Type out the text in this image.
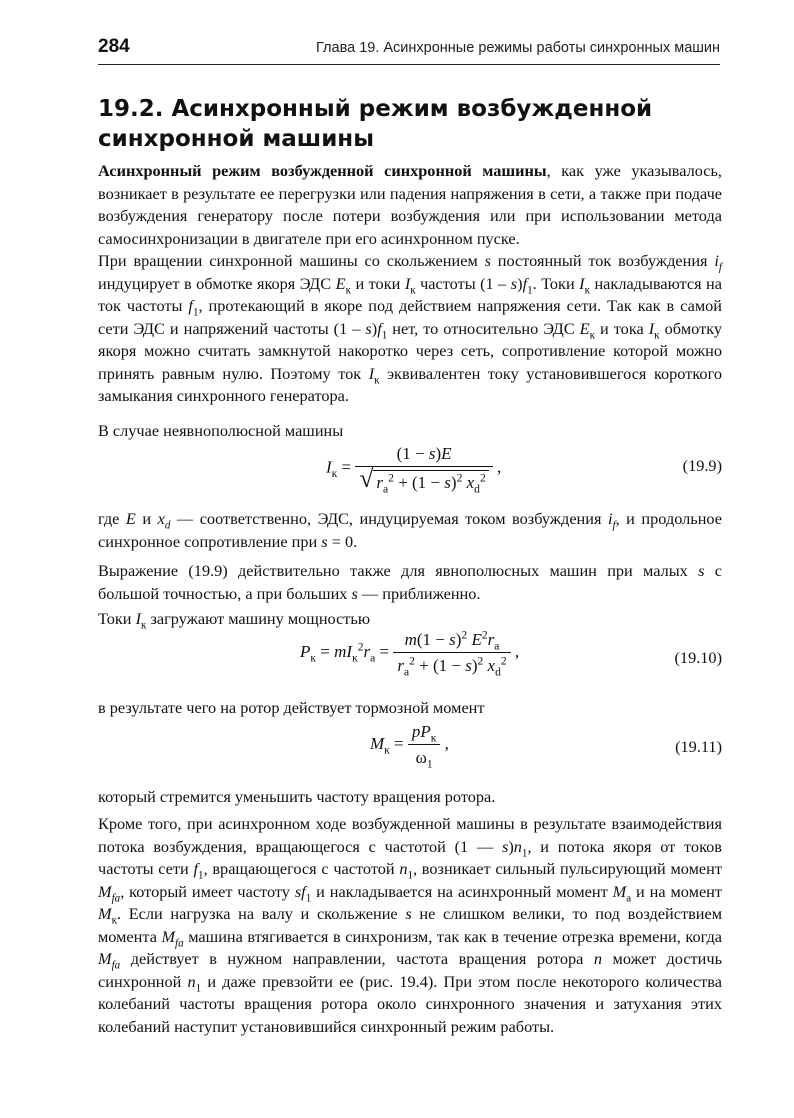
284	Глава 19. Асинхронные режимы работы синхронных машин
19.2. Асинхронный режим возбужденной
синхронной машины

Асинхронный режим возбужденной синхронной машины, как уже указывалось, возникает в результате ее перегрузки или падения напряжения в сети, а также при подаче возбуждения генератору после потери возбуждения или при использовании метода самосинхронизации в двигателе при его асинхронном пуске.

При вращении синхронной машины со скольжением s постоянный ток возбуждения $i_f$ индуцирует в обмотке якоря ЭДС $E_к$ и токи $I_к$ частоты $(1 - s)f_1$. Токи $I_к$ накладываются на ток частоты $f_1$, протекающий в якоре под действием напряжения сети. Так как в самой сети ЭДС и напряжений частоты $(1 - s)f_1$ нет, то относительно ЭДС $E_к$ и тока $I_к$ обмотку якоря можно считать замкнутой накоротко через сеть, сопротивление которой можно принять равным нулю. Поэтому ток $I_к$ эквивалентен току установившегося короткого замыкания синхронного генератора.

В случае неявнополюсной машины

$I_к = \frac{(1 - s)E}{√ r_a^2 + (1 - s)^2 x_d^2}$ ,	(19.9)

где E и $x_d$ — соответственно, ЭДС, индуцируемая током возбуждения $i_f$, и продольное синхронное сопротивление при s = 0.

Выражение (19.9) действительно также для явнополюсных машин при малых s с большой точностью, а при больших s — приближенно.

Токи $I_к$ загружают машину мощностью

$P_к = mI_к^2r_a = \frac{m(1 - s)^2 E^2r_a}{r_a^2 + (1 - s)^2 x_d^2}$ ,	(19.10)

в результате чего на ротор действует тормозной момент

$M_к = \frac{pP_к}{\omega_1}$ ,	(19.11)

который стремится уменьшить частоту вращения ротора.

Кроме того, при асинхронном ходе возбужденной машины в результате взаимодействия потока возбуждения, вращающегося с частотой (1 — $s)n_1$, и потока якоря от токов частоты сети $f_1$, вращающегося с частотой $n_1$, возникает сильный пульсирующий момент $M_{fa}$, который имеет частоту $sf_1$ и накладывается на асинхронный момент $M_а$ и на момент $M_к$. Если нагрузка на валу и скольжение s не слишком велики, то под воздействием момента $M_{fa}$ машина втягивается в синхронизм, так как в течение отрезка времени, когда $M_{fa}$ действует в нужном направлении, частота вращения ротора n может достичь синхронной $n_1$ и даже превзойти ее (рис. 19.4). При этом после некоторого количества колебаний частоты вращения ротора около синхронного значения и затухания этих колебаний наступит установившийся синхронный режим работы.
